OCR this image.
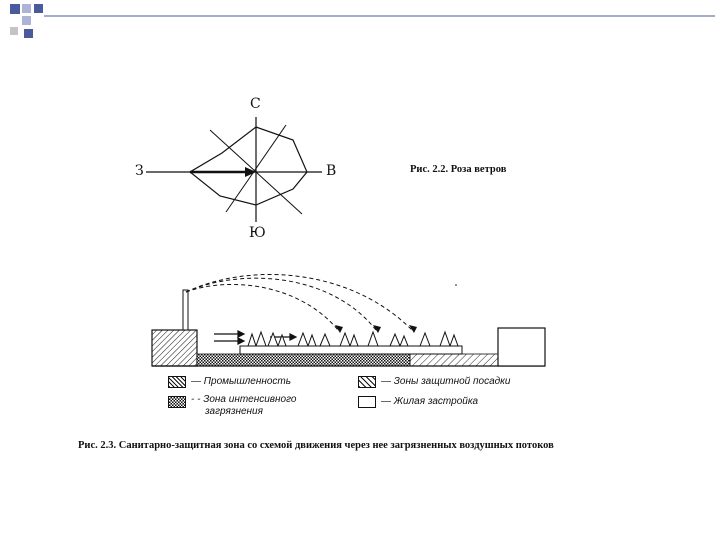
С
З	В
Ю
Рис. 2.2. Роза ветров
— Промышленность
- - Зона интенсивного
загрязнения
— Зоны защитной посадки
— Жилая застройка
Рис. 2.3. Санитарно-защитная зона со схемой движения через нее загрязненных воздушных потоков
